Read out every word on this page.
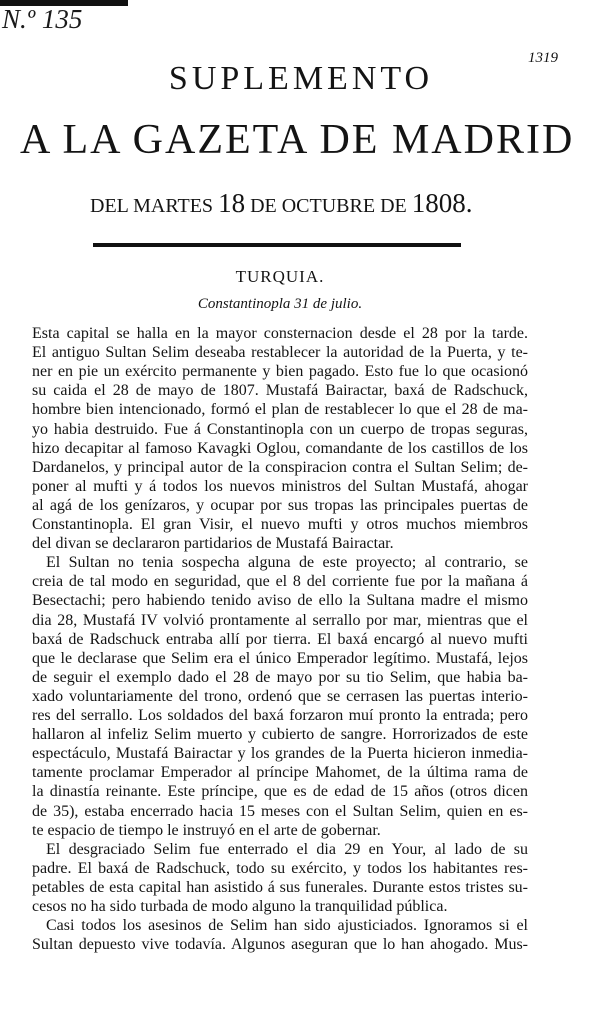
N.º 135
1319
SUPLEMENTO
A LA GAZETA DE MADRID
DEL MARTES 18 DE OCTUBRE DE 1808.
TURQUIA.
Constantinopla 31 de julio.
Esta capital se halla en la mayor consternacion desde el 28 por la tarde.
El antiguo Sultan Selim deseaba restablecer la autoridad de la Puerta, y te-
ner en pie un exército permanente y bien pagado. Esto fue lo que ocasionó
su caida el 28 de mayo de 1807. Mustafá Bairactar, baxá de Radschuck,
hombre bien intencionado, formó el plan de restablecer lo que el 28 de ma-
yo habia destruido. Fue á Constantinopla con un cuerpo de tropas seguras,
hizo decapitar al famoso Kavagki Oglou, comandante de los castillos de los
Dardanelos, y principal autor de la conspiracion contra el Sultan Selim; de-
poner al mufti y á todos los nuevos ministros del Sultan Mustafá, ahogar
al agá de los genízaros, y ocupar por sus tropas las principales puertas de
Constantinopla. El gran Visir, el nuevo mufti y otros muchos miembros
del divan se declararon partidarios de Mustafá Bairactar.
El Sultan no tenia sospecha alguna de este proyecto; al contrario, se
creia de tal modo en seguridad, que el 8 del corriente fue por la mañana á
Besectachi; pero habiendo tenido aviso de ello la Sultana madre el mismo
dia 28, Mustafá IV volvió prontamente al serrallo por mar, mientras que el
baxá de Radschuck entraba allí por tierra. El baxá encargó al nuevo mufti
que le declarase que Selim era el único Emperador legítimo. Mustafá, lejos
de seguir el exemplo dado el 28 de mayo por su tio Selim, que habia ba-
xado voluntariamente del trono, ordenó que se cerrasen las puertas interio-
res del serrallo. Los soldados del baxá forzaron muí pronto la entrada; pero
hallaron al infeliz Selim muerto y cubierto de sangre. Horrorizados de este
espectáculo, Mustafá Bairactar y los grandes de la Puerta hicieron inmedia-
tamente proclamar Emperador al príncipe Mahomet, de la última rama de
la dinastía reinante. Este príncipe, que es de edad de 15 años (otros dicen
de 35), estaba encerrado hacia 15 meses con el Sultan Selim, quien en es-
te espacio de tiempo le instruyó en el arte de gobernar.
El desgraciado Selim fue enterrado el dia 29 en Your, al lado de su
padre. El baxá de Radschuck, todo su exército, y todos los habitantes res-
petables de esta capital han asistido á sus funerales. Durante estos tristes su-
cesos no ha sido turbada de modo alguno la tranquilidad pública.
Casi todos los asesinos de Selim han sido ajusticiados. Ignoramos si el
Sultan depuesto vive todavía. Algunos aseguran que lo han ahogado. Mus-
